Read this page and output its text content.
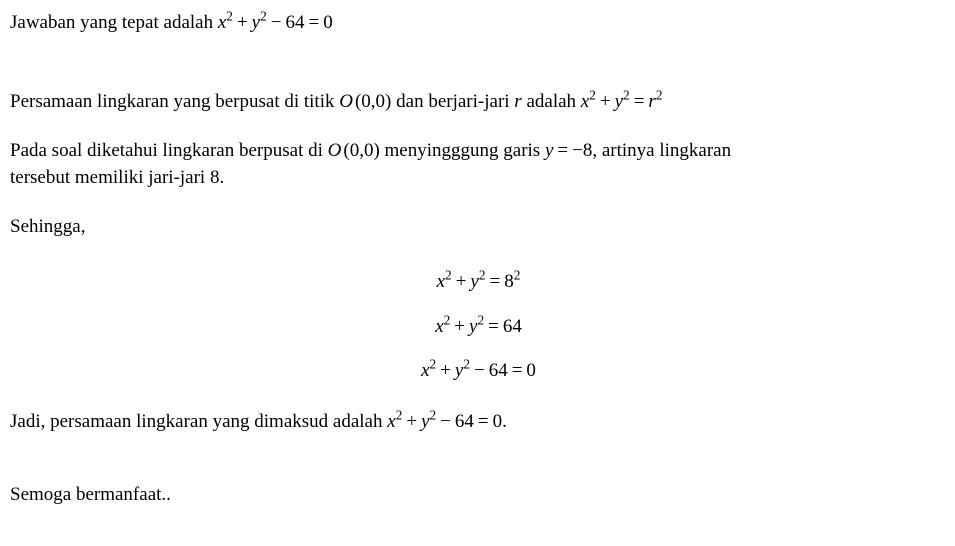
Jawaban yang tepat adalah $x^2 + y^2 - 64 = 0$

Persamaan lingkaran yang berpusat di titik O (0,0) dan berjari-jari r adalah $x^2 + y^2 = r^2$

Pada soal diketahui lingkaran berpusat di O (0,0) menyingggung garis y = −8, artinya lingkaran
tersebut memiliki jari-jari 8.

Sehingga,

$x^2 + y^2 = 8^2$
$x^2 + y^2 = 64$
$x^2 + y^2 - 64 = 0$

Jadi, persamaan lingkaran yang dimaksud adalah $x^2 + y^2 - 64 = 0$.

Semoga bermanfaat..
